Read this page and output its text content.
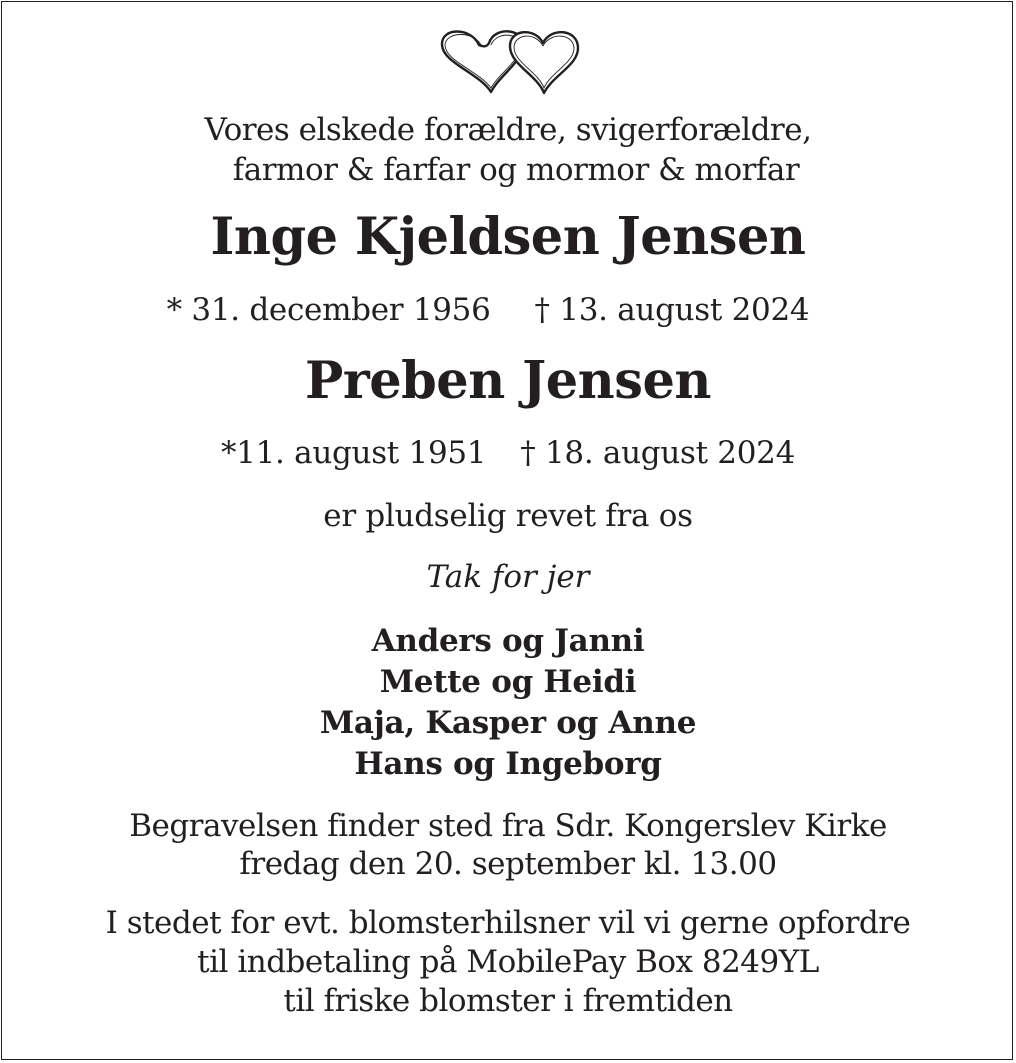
Vores elskede forældre, svigerforældre,
farmor & farfar og mormor & morfar
Inge Kjeldsen Jensen
* 31. december 1956 † 13. august 2024
Preben Jensen
*11. august 1951 † 18. august 2024
er pludselig revet fra os
Tak for jer
Anders og Janni
Mette og Heidi
Maja, Kasper og Anne
Hans og Ingeborg
Begravelsen finder sted fra Sdr. Kongerslev Kirke
fredag den 20. september kl. 13.00
I stedet for evt. blomsterhilsner vil vi gerne opfordre
til indbetaling på MobilePay Box 8249YL
til friske blomster i fremtiden
